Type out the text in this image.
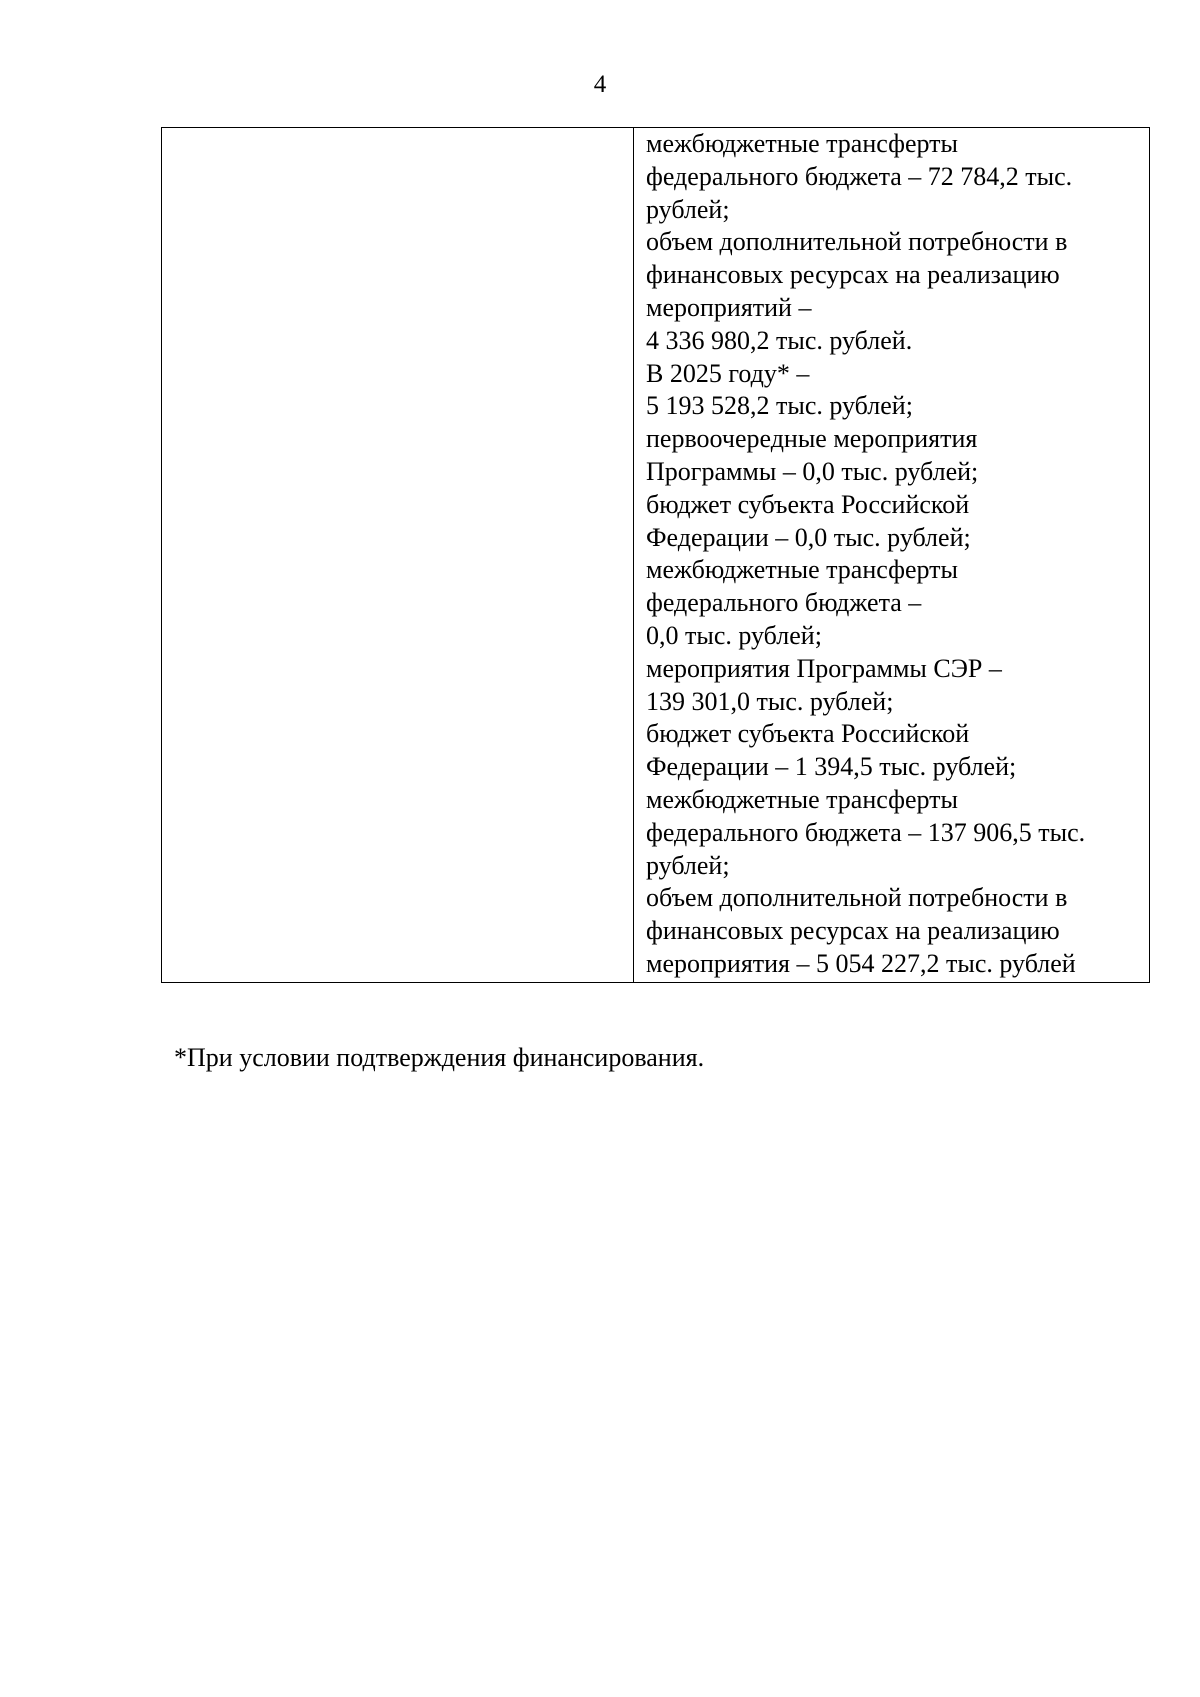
4

межбюджетные трансферты
федерального бюджета – 72 784,2 тыс.
рублей;
объем дополнительной потребности в
финансовых ресурсах на реализацию
мероприятий –
4 336 980,2 тыс. рублей.
В 2025 году* –
5 193 528,2 тыс. рублей;
первоочередные мероприятия
Программы – 0,0 тыс. рублей;
бюджет субъекта Российской
Федерации – 0,0 тыс. рублей;
межбюджетные трансферты
федерального бюджета –
0,0 тыс. рублей;
мероприятия Программы СЭР –
139 301,0 тыс. рублей;
бюджет субъекта Российской
Федерации – 1 394,5 тыс. рублей;
межбюджетные трансферты
федерального бюджета – 137 906,5 тыс.
рублей;
объем дополнительной потребности в
финансовых ресурсах на реализацию
мероприятия – 5 054 227,2 тыс. рублей
*При условии подтверждения финансирования.
